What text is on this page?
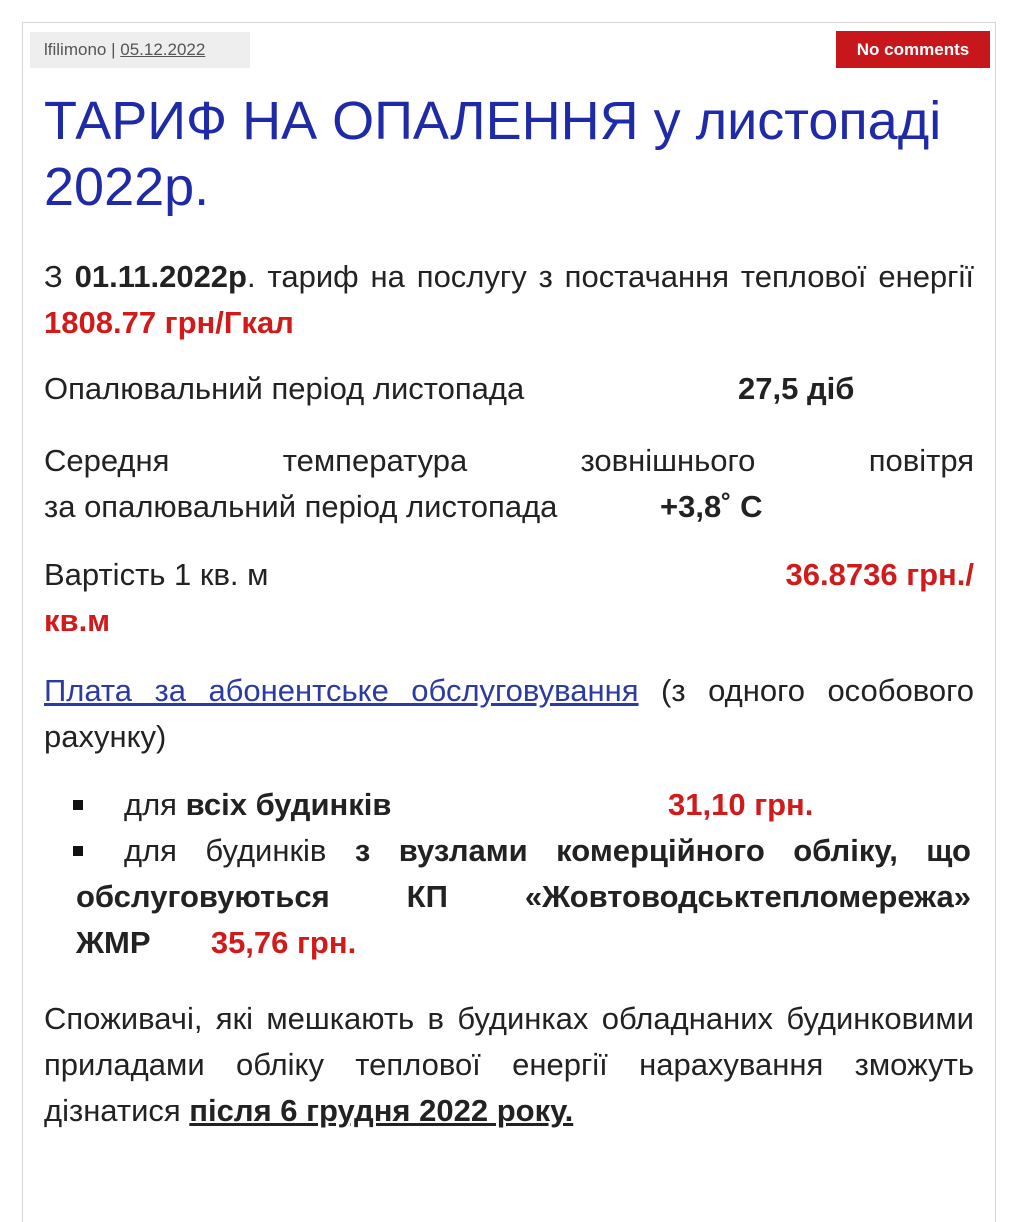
lfilimono | 05.12.2022	No comments
ТАРИФ НА ОПАЛЕННЯ у листопаді 2022р.

З 01.11.2022р. тариф на послугу з постачання теплової енергії 1808.77 грн/Гкал

Опалювальний період листопада	27,5 діб
Середня температура зовнішнього повітря
за опалювальний період листопада	+3,8˚ С
Вартість 1 кв. м	36.8736 грн./
кв.м

Плата за абонентське обслуговування (з одного особового рахунку)

для всіх будинків	31,10 грн.

для будинків з вузлами комерційного обліку, що обслуговуються КП «Жовтоводськтепломережа» ЖМР 35,76 грн.

Споживачі, які мешкають в будинках обладнаних будинковими приладами обліку теплової енергії нарахування зможуть дізнатися після 6 грудня 2022 року.
